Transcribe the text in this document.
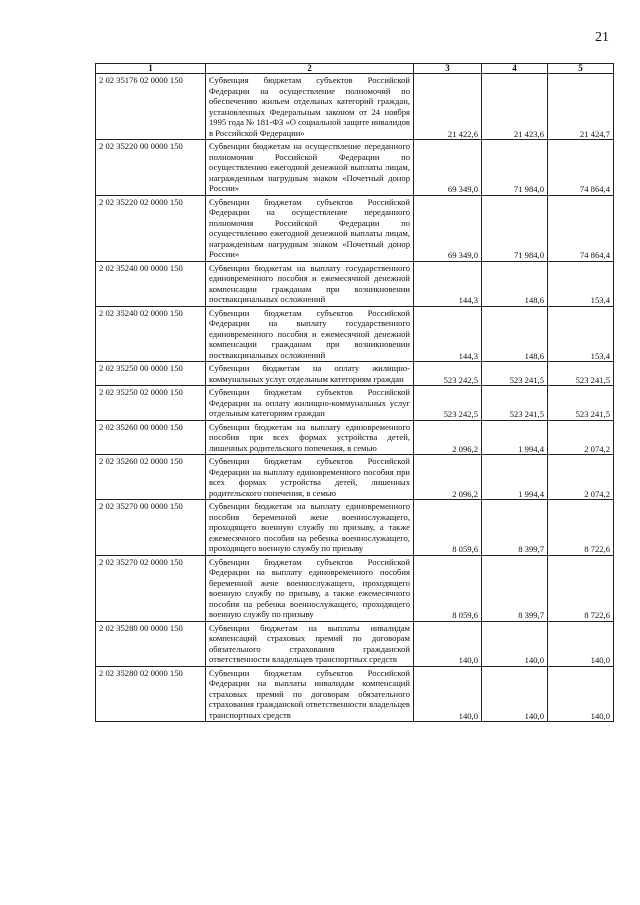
21
1	2	3	4	5
2 02 35176 02 0000 150	Субвенция бюджетам субъектов Российской Федерации на осуществление полномочий по обеспечению жильем отдельных категорий граждан, установленных Федеральным законом от 24 ноября 1995 года № 181-ФЗ «О социальной защите инвалидов в Российской Федерации»	21 422,6	21 423,6	21 424,7
2 02 35220 00 0000 150	Субвенции бюджетам на осуществление переданного полномочия Российской Федерации по осуществлению ежегодной денежной выплаты лицам, награжденным нагрудным знаком «Почетный донор России»	69 349,0	71 984,0	74 864,4
2 02 35220 02 0000 150	Субвенции бюджетам субъектов Российской Федерации на осуществление переданного полномочия Российской Федерации по осуществлению ежегодной денежной выплаты лицам, награжденным нагрудным знаком «Почетный донор России»	69 349,0	71 984,0	74 864,4
2 02 35240 00 0000 150	Субвенции бюджетам на выплату государственного единовременного пособия и ежемесячной денежной компенсации гражданам при возникновении поствакцинальных осложнений	144,3	148,6	153,4
2 02 35240 02 0000 150	Субвенции бюджетам субъектов Российской Федерации на выплату государственного единовременного пособия и ежемесячной денежной компенсации гражданам при возникновении поствакцинальных осложнений	144,3	148,6	153,4
2 02 35250 00 0000 150	Субвенции бюджетам на оплату жилищно-коммунальных услуг отдельным категориям граждан	523 242,5	523 241,5	523 241,5
2 02 35250 02 0000 150	Субвенции бюджетам субъектов Российской Федерации на оплату жилищно-коммунальных услуг отдельным категориям граждан	523 242,5	523 241,5	523 241,5
2 02 35260 00 0000 150	Субвенции бюджетам на выплату единовременного пособия при всех формах устройства детей, лишенных родительского попечения, в семью	2 096,2	1 994,4	2 074,2
2 02 35260 02 0000 150	Субвенции бюджетам субъектов Российской Федерации на выплату единовременного пособия при всех формах устройства детей, лишенных родительского попечения, в семью	2 096,2	1 994,4	2 074,2
2 02 35270 00 0000 150	Субвенции бюджетам на выплату единовременного пособия беременной жене военнослужащего, проходящего военную службу по призыву, а также ежемесячного пособия на ребенка военнослужащего, проходящего военную службу по призыву	8 059,6	8 399,7	8 722,6
2 02 35270 02 0000 150	Субвенции бюджетам субъектов Российской Федерации на выплату единовременного пособия беременной жене военнослужащего, проходящего военную службу по призыву, а также ежемесячного пособия на ребенка военнослужащего, проходящего военную службу по призыву	8 059,6	8 399,7	8 722,6
2 02 35280 00 0000 150	Субвенции бюджетам на выплаты инвалидам компенсаций страховых премий по договорам обязательного страхования гражданской ответственности владельцев транспортных средств	140,0	140,0	140,0
2 02 35280 02 0000 150	Субвенции бюджетам субъектов Российской Федерации на выплаты инвалидам компенсаций страховых премий по договорам обязательного страхования гражданской ответственности владельцев транспортных средств	140,0	140,0	140,0
